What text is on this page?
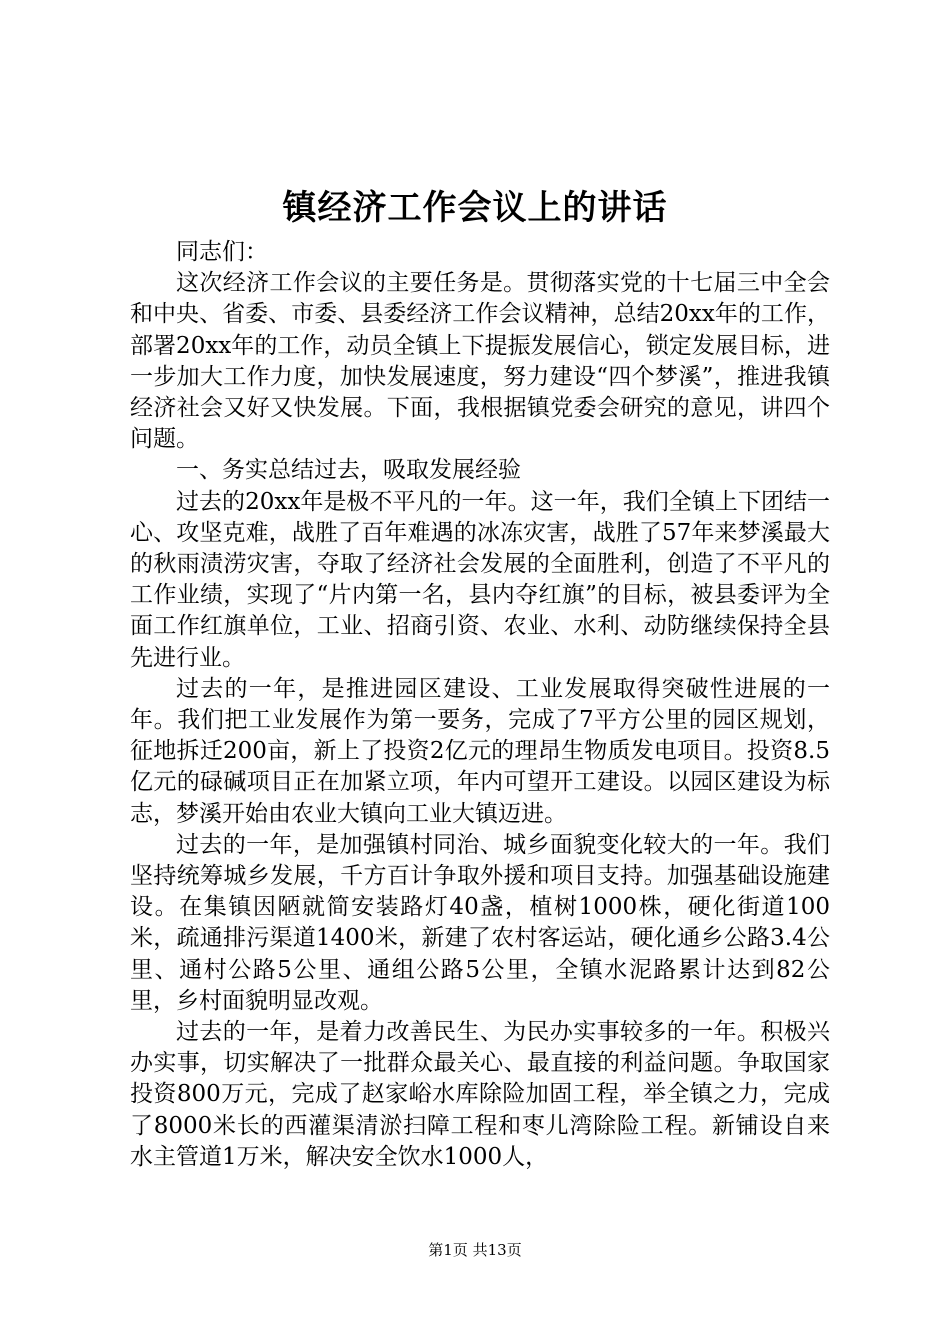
镇经济工作会议上的讲话

同志们：

这次经济工作会议的主要任务是。贯彻落实党的十七届三中全会和中央、省委、市委、县委经济工作会议精神，总结20xx年的工作，部署20xx年的工作，动员全镇上下提振发展信心，锁定发展目标，进一步加大工作力度，加快发展速度，努力建设“四个梦溪”，推进我镇经济社会又好又快发展。下面，我根据镇党委会研究的意见，讲四个问题。

一、务实总结过去，吸取发展经验

过去的20xx年是极不平凡的一年。这一年，我们全镇上下团结一心、攻坚克难，战胜了百年难遇的冰冻灾害，战胜了57年来梦溪最大的秋雨渍涝灾害，夺取了经济社会发展的全面胜利，创造了不平凡的工作业绩，实现了“片内第一名，县内夺红旗”的目标，被县委评为全面工作红旗单位，工业、招商引资、农业、水利、动防继续保持全县先进行业。

过去的一年，是推进园区建设、工业发展取得突破性进展的一年。我们把工业发展作为第一要务，完成了7平方公里的园区规划，征地拆迁200亩，新上了投资2亿元的理昂生物质发电项目。投资8.5亿元的碌碱项目正在加紧立项，年内可望开工建设。以园区建设为标志，梦溪开始由农业大镇向工业大镇迈进。

过去的一年，是加强镇村同治、城乡面貌变化较大的一年。我们坚持统筹城乡发展，千方百计争取外援和项目支持。加强基础设施建设。在集镇因陋就简安装路灯40盏，植树1000株，硬化街道100米，疏通排污渠道1400米，新建了农村客运站，硬化通乡公路3.4公里、通村公路5公里、通组公路5公里，全镇水泥路累计达到82公里，乡村面貌明显改观。

过去的一年，是着力改善民生、为民办实事较多的一年。积极兴办实事，切实解决了一批群众最关心、最直接的利益问题。争取国家投资800万元，完成了赵家峪水库除险加固工程，举全镇之力，完成了8000米长的西灌渠清淤扫障工程和枣儿湾除险工程。新铺设自来水主管道1万米，解决安全饮水1000人，

第1页 共13页
